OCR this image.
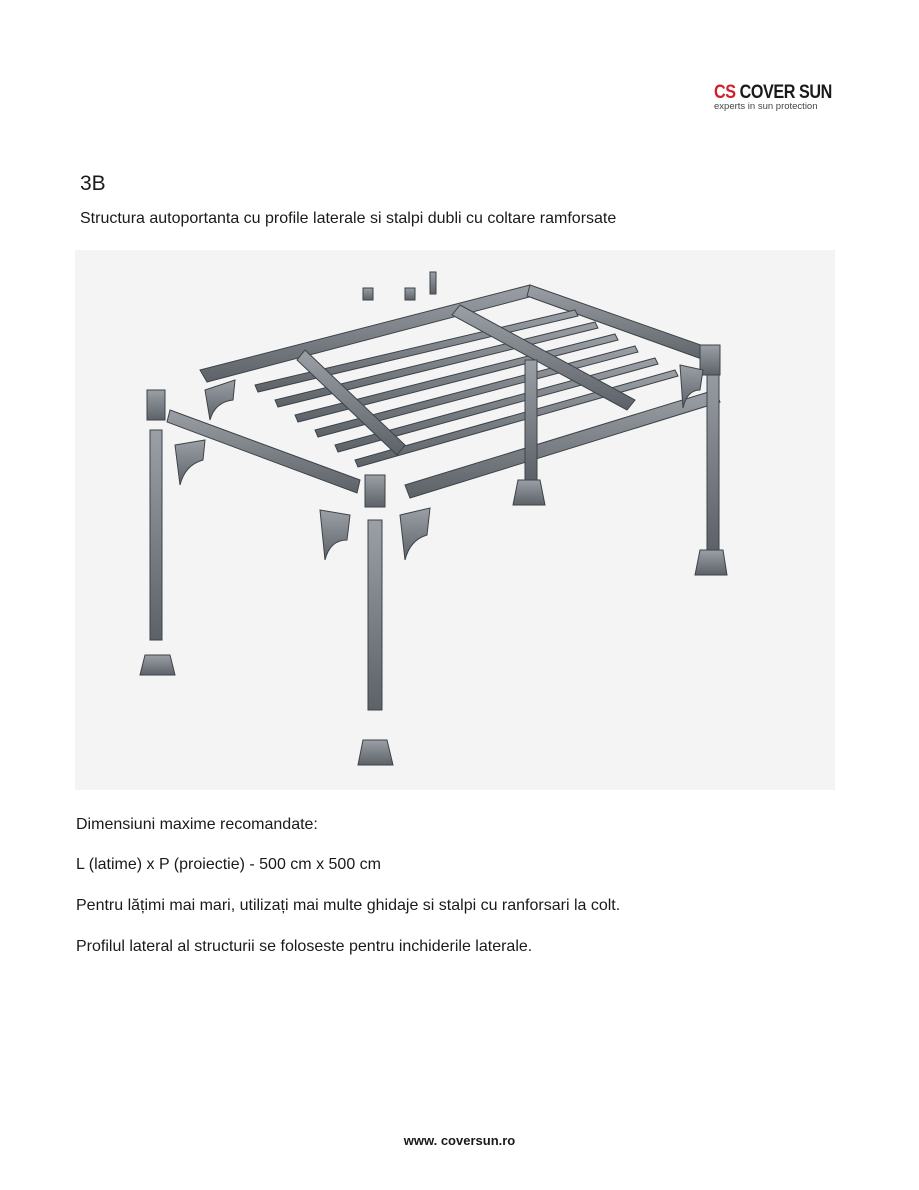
CS COVER SUN
experts in sun protection
3B
Structura autoportanta cu profile laterale si stalpi dubli cu coltare ramforsate
Dimensiuni maxime recomandate:
L (latime) x P (proiectie) - 500 cm x 500 cm
Pentru lățimi mai mari, utilizați mai multe ghidaje si stalpi cu ranforsari la colt.
Profilul lateral al structurii se foloseste pentru inchiderile laterale.
www. coversun.ro
